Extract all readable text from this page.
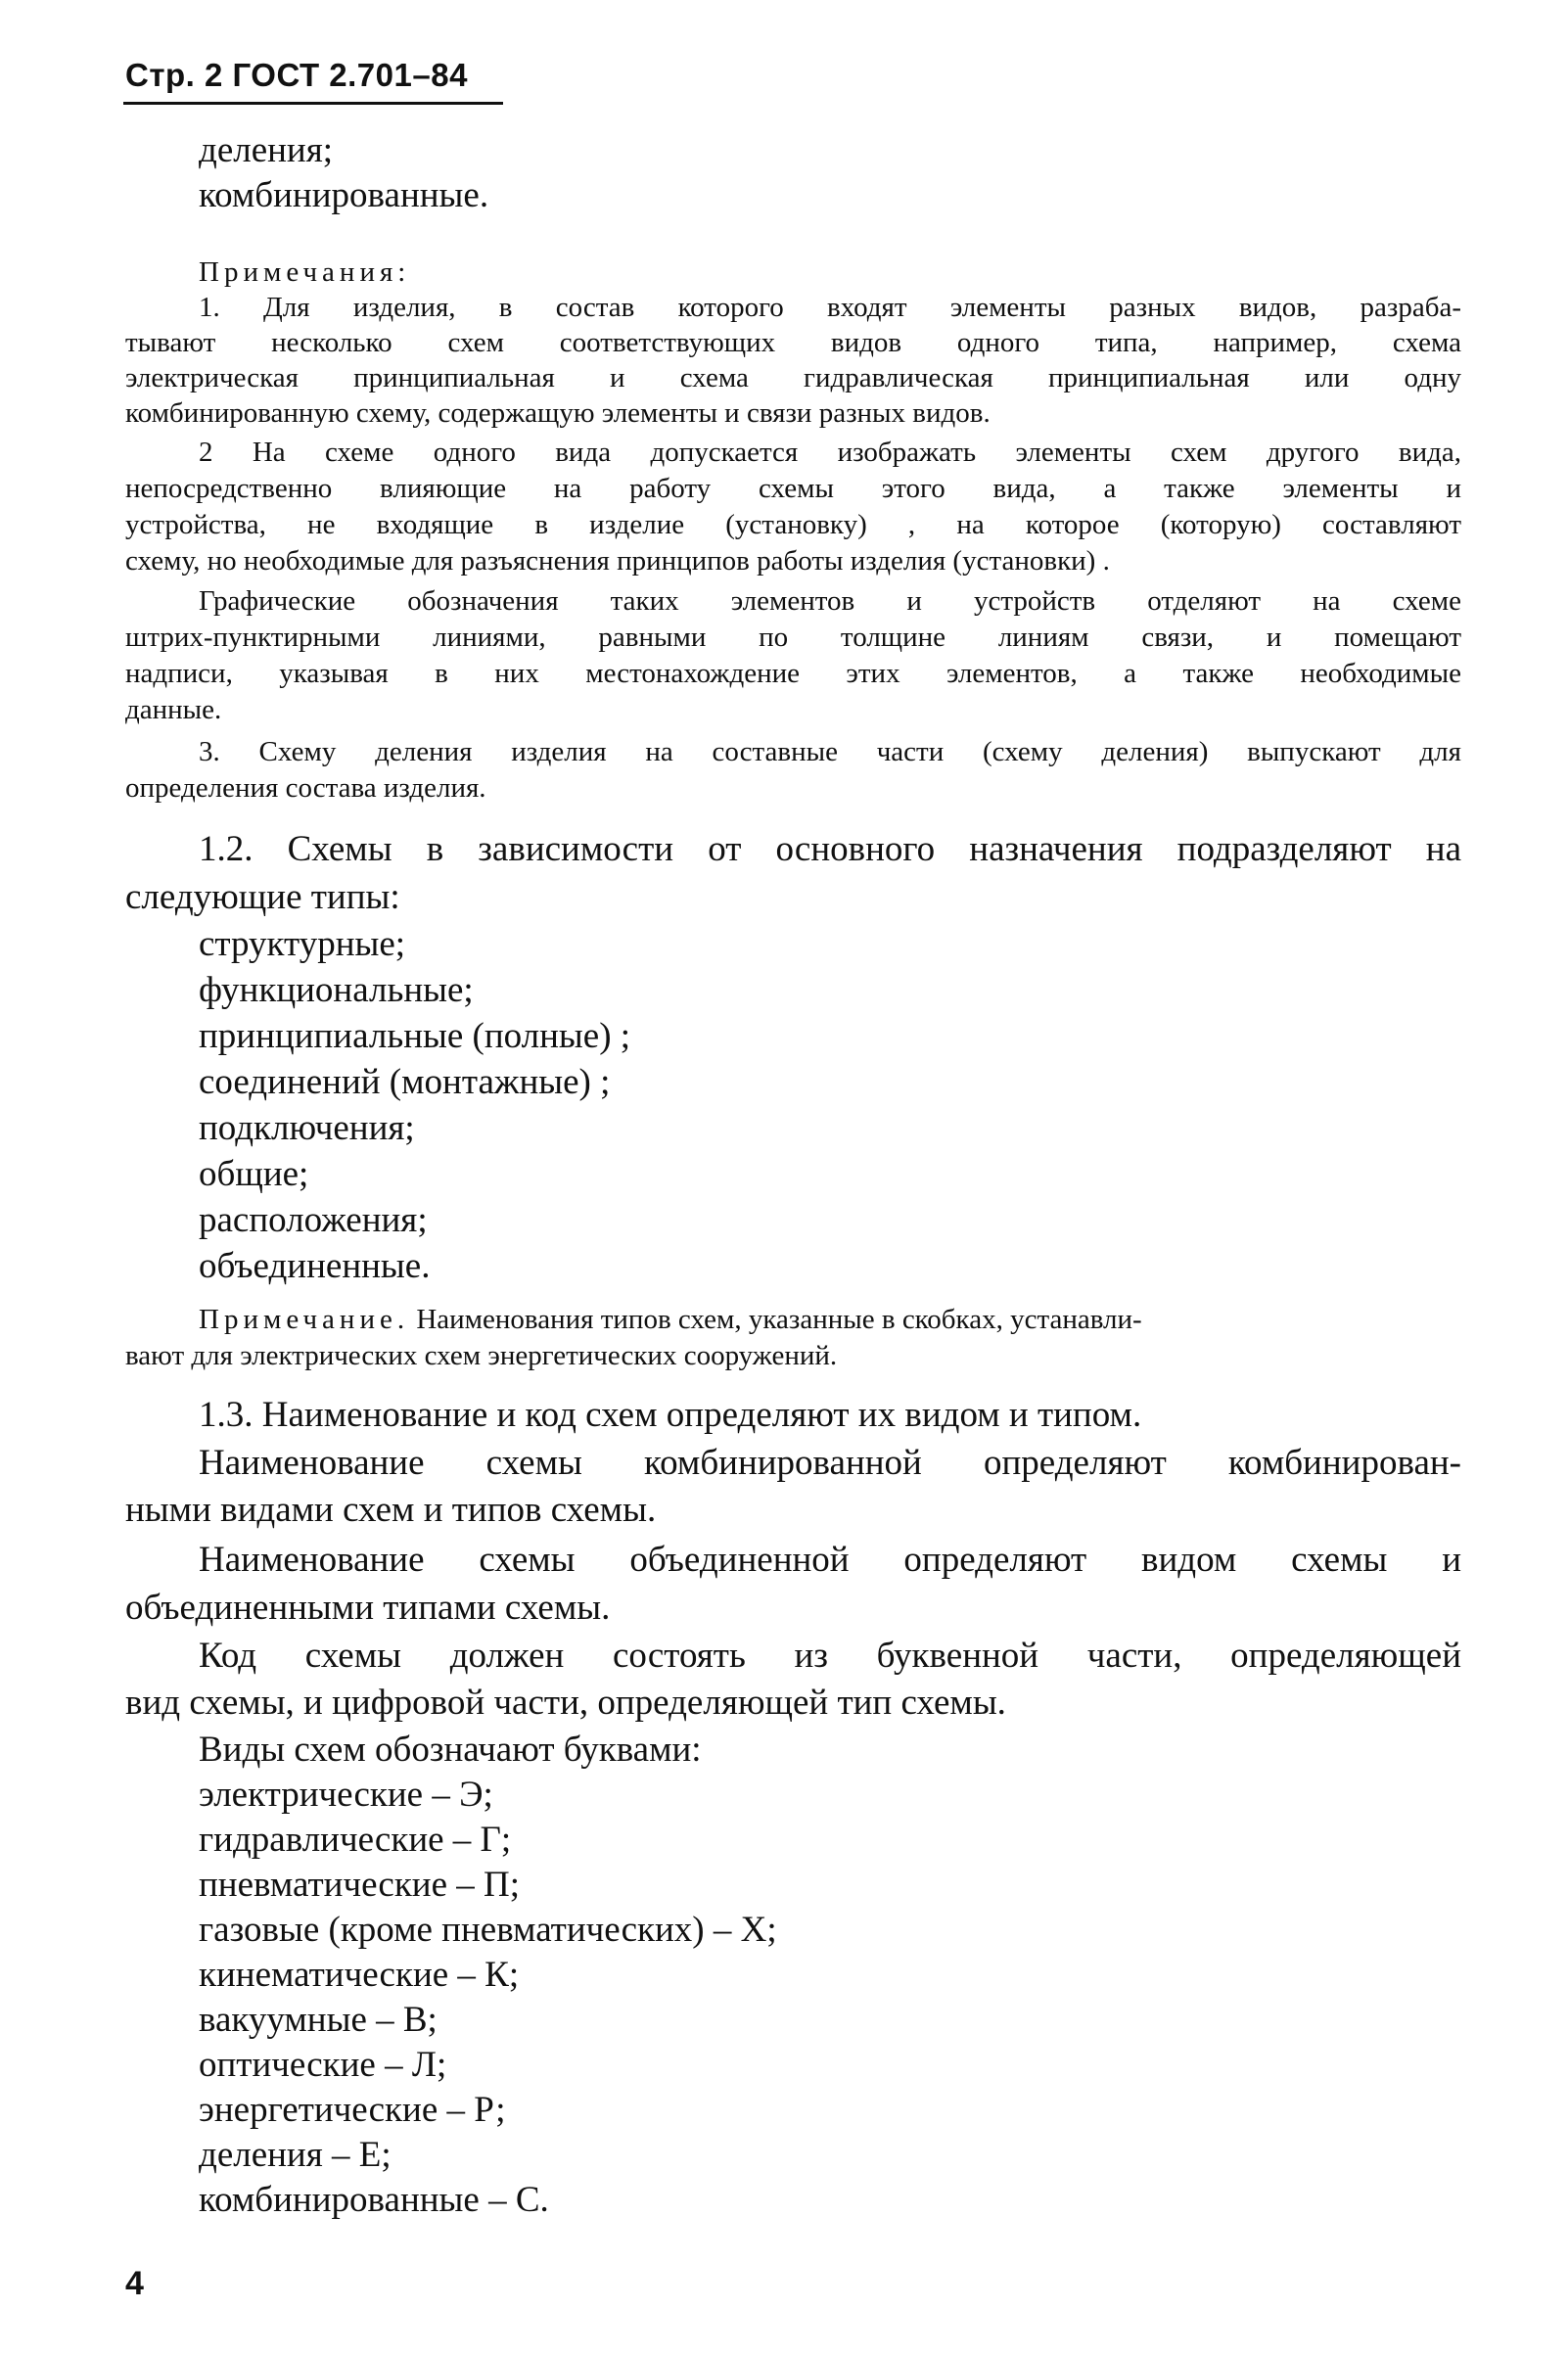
Стр. 2 ГОСТ 2.701–84
деления;
комбинированные.
Примечания:
1. Для изделия, в состав которого входят элементы разных видов, разраба-
тывают несколько схем соответствующих видов одного типа, например, схема
электрическая принципиальная и схема гидравлическая принципиальная или одну
комбинированную схему, содержащую элементы и связи разных видов.
2 На схеме одного вида допускается изображать элементы схем другого вида,
непосредственно влияющие на работу схемы этого вида, а также элементы и
устройства, не входящие в изделие (установку) , на которое (которую) составляют
схему, но необходимые для разъяснения принципов работы изделия (установки) .
Графические обозначения таких элементов и устройств отделяют на схеме
штрих-пунктирными линиями, равными по толщине линиям связи, и помещают
надписи, указывая в них местонахождение этих элементов, а также необходимые
данные.
3. Схему деления изделия на составные части (схему деления) выпускают для
определения состава изделия.
1.2. Схемы в зависимости от основного назначения подразделяют на
следующие типы:
структурные;
функциональные;
принципиальные (полные) ;
соединений (монтажные) ;
подключения;
общие;
расположения;
объединенные.
Примечание. Наименования типов схем, указанные в скобках, устанавли-
вают для электрических схем энергетических сооружений.
1.3. Наименование и код схем определяют их видом и типом.
Наименование схемы комбинированной определяют комбинирован-
ными видами схем и типов схемы.
Наименование схемы объединенной определяют видом схемы и
объединенными типами схемы.
Код схемы должен состоять из буквенной части, определяющей
вид схемы, и цифровой части, определяющей тип схемы.
Виды схем обозначают буквами:
электрические – Э;
гидравлические – Г;
пневматические – П;
газовые (кроме пневматических) – Х;
кинематические – К;
вакуумные – В;
оптические – Л;
энергетические – Р;
деления – Е;
комбинированные – С.
4
